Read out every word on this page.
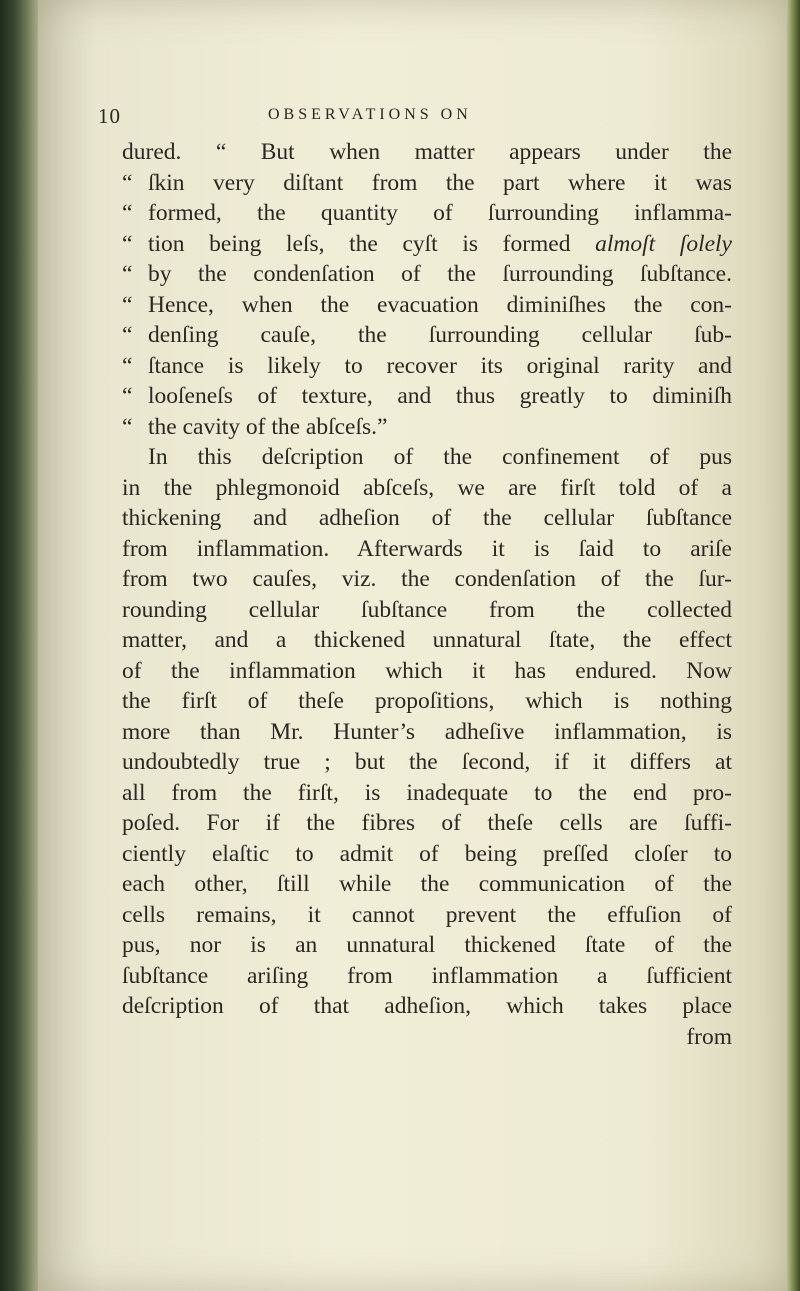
10	OBSERVATIONS ON
dured. “ But when matter appears under the
“ ſkin very diſtant from the part where it was
“ formed, the quantity of ſurrounding inflamma-
“ tion being leſs, the cyſt is formed almoſt ſolely
“ by the condenſation of the ſurrounding ſubſtance.
“ Hence, when the evacuation diminiſhes the con-
“ denſing cauſe, the ſurrounding cellular ſub-
“ ſtance is likely to recover its original rarity and
“ looſeneſs of texture, and thus greatly to diminiſh
“ the cavity of the abſceſs.”
In this deſcription of the confinement of pus
in the phlegmonoid abſceſs, we are firſt told of a
thickening and adheſion of the cellular ſubſtance
from inflammation. Afterwards it is ſaid to ariſe
from two cauſes, viz. the condenſation of the ſur-
rounding cellular ſubſtance from the collected
matter, and a thickened unnatural ſtate, the effect
of the inflammation which it has endured. Now
the firſt of theſe propoſitions, which is nothing
more than Mr. Hunter’s adheſive inflammation, is
undoubtedly true ; but the ſecond, if it differs at
all from the firſt, is inadequate to the end pro-
poſed. For if the fibres of theſe cells are ſuffi-
ciently elaſtic to admit of being preſſed cloſer to
each other, ſtill while the communication of the
cells remains, it cannot prevent the effuſion of
pus, nor is an unnatural thickened ſtate of the
ſubſtance ariſing from inflammation a ſufficient
deſcription of that adheſion, which takes place
from
